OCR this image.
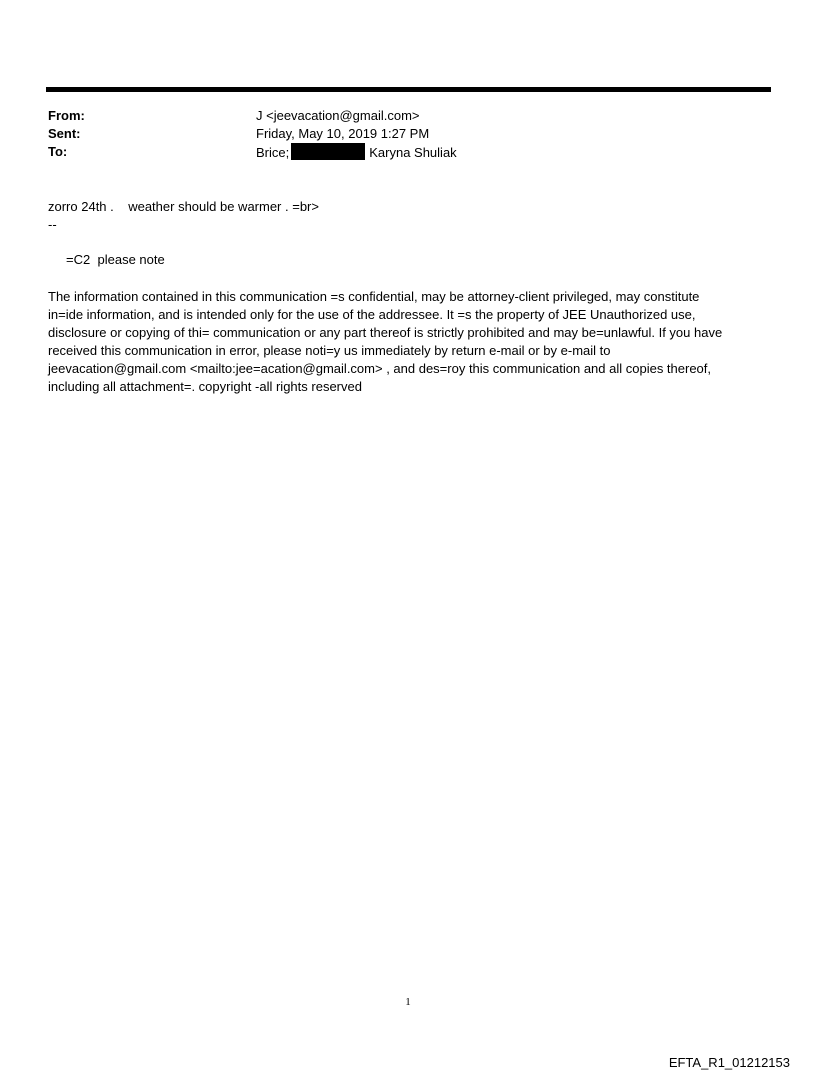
From:	J <jeevacation@gmail.com>
Sent:	Friday, May 10, 2019 1:27 PM
To:	Brice;	Karyna Shuliak
zorro 24th .    weather should be warmer . =br>
--
=C2  please note
The information contained in this communication =s confidential, may be attorney-client privileged, may constitute
in=ide information, and is intended only for the use of the addressee. It =s the property of JEE Unauthorized use,
disclosure or copying of thi= communication or any part thereof is strictly prohibited and may be=unlawful. If you have
received this communication in error, please noti=y us immediately by return e-mail or by e-mail to
jeevacation@gmail.com <mailto:jee=acation@gmail.com> , and des=roy this communication and all copies thereof,
including all attachment=. copyright -all rights reserved
1
EFTA_R1_01212153
